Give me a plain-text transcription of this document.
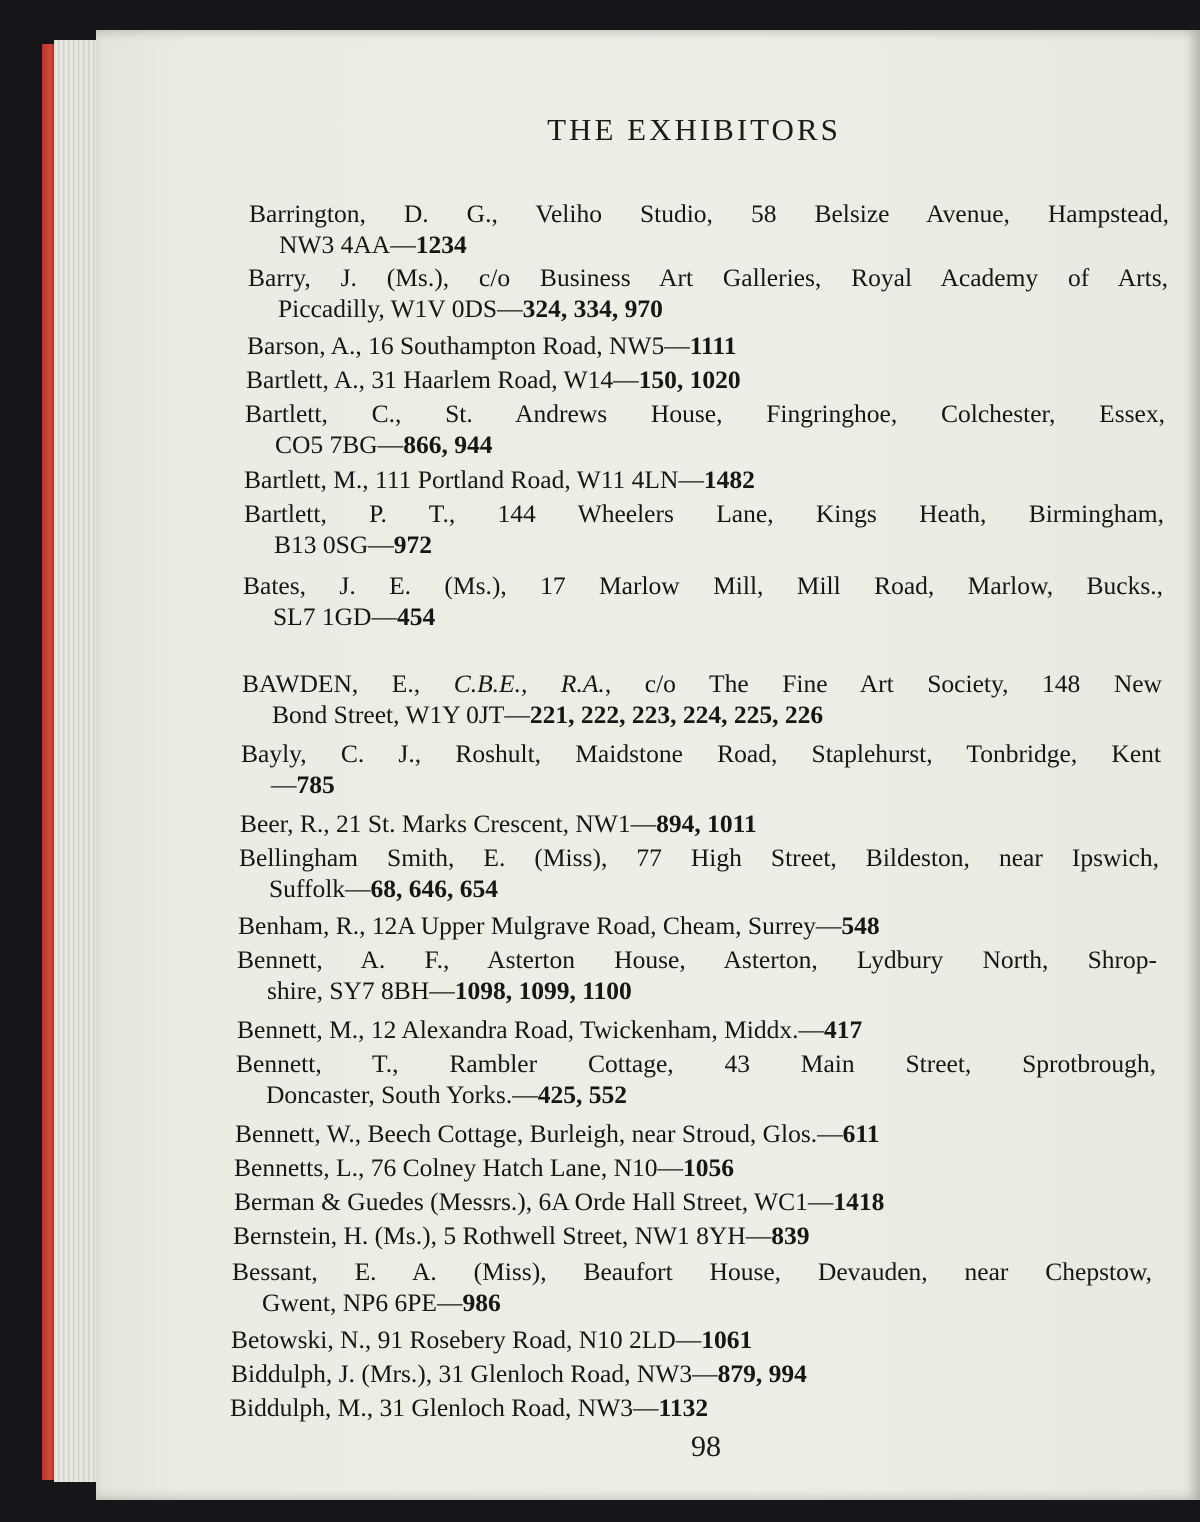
THE EXHIBITORS
Barrington, D. G., Veliho Studio, 58 Belsize Avenue, Hampstead,
NW3 4AA—1234
Barry, J. (Ms.), c/o Business Art Galleries, Royal Academy of Arts,
Piccadilly, W1V 0DS—324, 334, 970
Barson, A., 16 Southampton Road, NW5—1111
Bartlett, A., 31 Haarlem Road, W14—150, 1020
Bartlett, C., St. Andrews House, Fingringhoe, Colchester, Essex,
CO5 7BG—866, 944
Bartlett, M., 111 Portland Road, W11 4LN—1482
Bartlett, P. T., 144 Wheelers Lane, Kings Heath, Birmingham,
B13 0SG—972
Bates, J. E. (Ms.), 17 Marlow Mill, Mill Road, Marlow, Bucks.,
SL7 1GD—454
BAWDEN, E., C.B.E., R.A., c/o The Fine Art Society, 148 New
Bond Street, W1Y 0JT—221, 222, 223, 224, 225, 226
Bayly, C. J., Roshult, Maidstone Road, Staplehurst, Tonbridge, Kent
—785
Beer, R., 21 St. Marks Crescent, NW1—894, 1011
Bellingham Smith, E. (Miss), 77 High Street, Bildeston, near Ipswich,
Suffolk—68, 646, 654
Benham, R., 12A Upper Mulgrave Road, Cheam, Surrey—548
Bennett, A. F., Asterton House, Asterton, Lydbury North, Shrop-
shire, SY7 8BH—1098, 1099, 1100
Bennett, M., 12 Alexandra Road, Twickenham, Middx.—417
Bennett, T., Rambler Cottage, 43 Main Street, Sprotbrough,
Doncaster, South Yorks.—425, 552
Bennett, W., Beech Cottage, Burleigh, near Stroud, Glos.—611
Bennetts, L., 76 Colney Hatch Lane, N10—1056
Berman & Guedes (Messrs.), 6A Orde Hall Street, WC1—1418
Bernstein, H. (Ms.), 5 Rothwell Street, NW1 8YH—839
Bessant, E. A. (Miss), Beaufort House, Devauden, near Chepstow,
Gwent, NP6 6PE—986
Betowski, N., 91 Rosebery Road, N10 2LD—1061
Biddulph, J. (Mrs.), 31 Glenloch Road, NW3—879, 994
Biddulph, M., 31 Glenloch Road, NW3—1132
98
